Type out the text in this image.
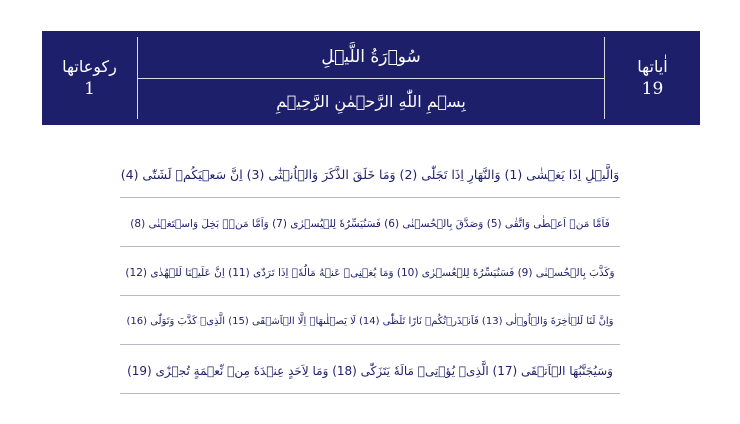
ركوعاتها
1
سُوۡرَةُ اللَّيۡلِ
بِسۡمِ اللّٰهِ الرَّحۡمٰنِ الرَّحِيۡمِ
اٰياتها
19
وَالَّيۡلِ اِذَا يَغۡشٰى (1) وَالنَّهَارِ اِذَا تَجَلّٰى (2) وَمَا خَلَقَ الذَّكَرَ وَالۡاُنۡثٰٓى (3) اِنَّ سَعۡيَكُمۡ لَشَتّٰى (4)
فَاَمَّا مَنۡ اَعۡطٰى وَاتَّقٰى (5) وَصَدَّقَ بِالۡحُسۡنٰى (6) فَسَنُيَسِّرُهٗ لِلۡيُسۡرٰى (7) وَاَمَّا مَنۡۢ بَخِلَ وَاسۡتَغۡنٰى (8)
وَكَذَّبَ بِالۡحُسۡنٰى (9) فَسَنُيَسِّرُهٗ لِلۡعُسۡرٰى (10) وَمَا يُغۡنِىۡ عَنۡهُ مَالُهٗۤ اِذَا تَرَدّٰى (11) اِنَّ عَلَيۡنَا لَلۡهُدٰى (12)
وَاِنَّ لَنَا لَلۡاٰخِرَةَ وَالۡاُوۡلٰى (13) فَاَنۡذَرۡتُكُمۡ نَارًا تَلَظّٰى (14) لَا يَصۡلٰٮهَاۤ اِلَّا الۡاَشۡقَى (15) الَّذِىۡ كَذَّبَ وَتَوَلّٰى (16)
وَسَيُجَنَّبُهَا الۡاَتۡقَى (17) الَّذِىۡ يُؤۡتِىۡ مَالَهٗ يَتَزَكّٰى (18) وَمَا لِاَحَدٍ عِنۡدَهٗ مِنۡ نِّعۡمَةٍ تُجۡزٰٓى (19)
